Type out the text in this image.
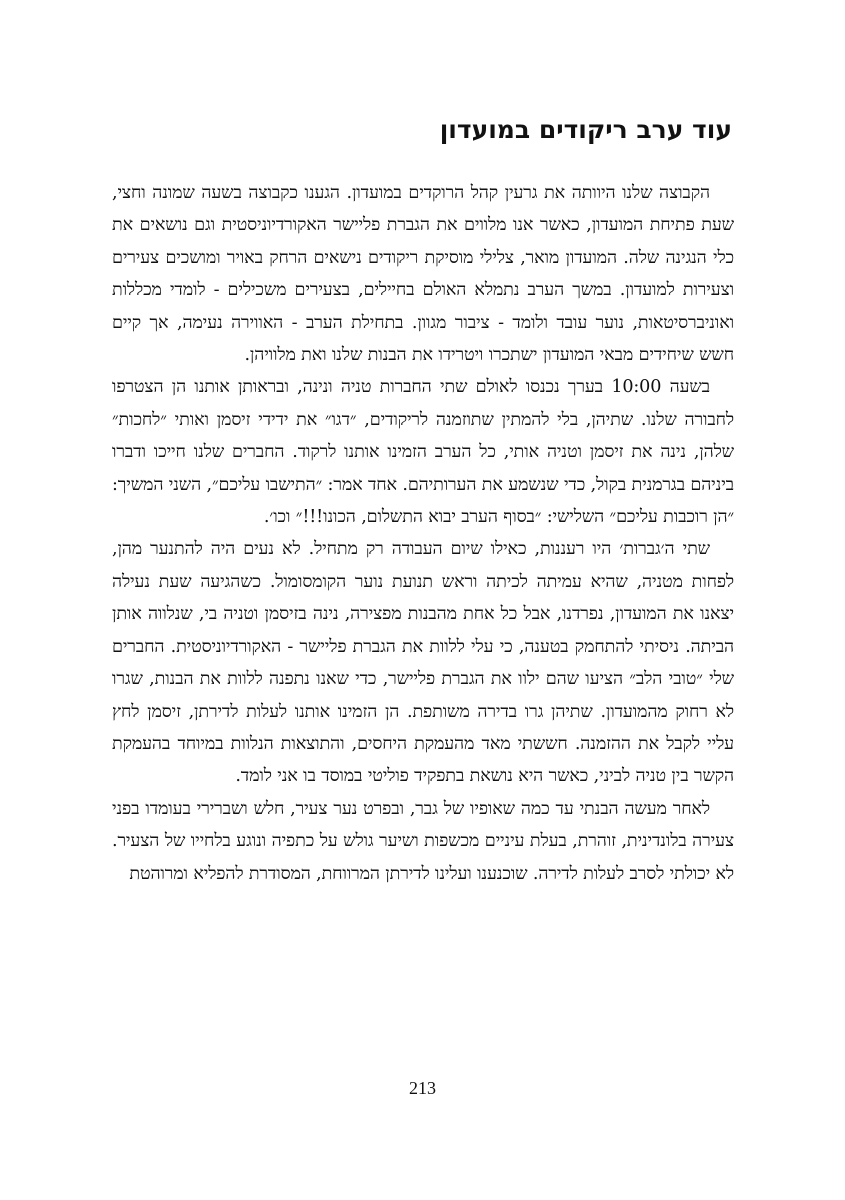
עוד ערב ריקודים במועדון

הקבוצה שלנו היוותה את גרעין קהל הרוקדים במועדון. הגענו כקבוצה בשעה שמונה וחצי, שעת פתיחת המועדון, כאשר אנו מלווים את הגברת פליישר האקורדיוניסטית וגם נושאים את כלי הנגינה שלה. המועדון מואר, צלילי מוסיקת ריקודים נישאים הרחק באויר ומושכים צעירים וצעירות למועדון. במשך הערב נתמלא האולם בחיילים, בצעירים משכילים - לומדי מכללות ואוניברסיטאות, נוער עובד ולומד - ציבור מגוון. בתחילת הערב - האווירה נעימה, אך קיים חשש שיחידים מבאי המועדון ישתכרו ויטרידו את הבנות שלנו ואת מלוויהן.

בשעה 10:00 בערך נכנסו לאולם שתי החברות טניה ונינה, ובראותן אותנו הן הצטרפו לחבורה שלנו. שתיהן, בלי להמתין שתוזמנה לריקודים, ״דגו״ את ידידי זיסמן ואותי ״לחכות״ שלהן, נינה את זיסמן וטניה אותי, כל הערב הזמינו אותנו לרקוד. החברים שלנו חייכו ודברו ביניהם בגרמנית בקול, כדי שנשמע את הערותיהם. אחד אמר: ״התישבו עליכם״, השני המשיך: ״הן רוכבות עליכם״ השלישי: ״בסוף הערב יבוא התשלום, הכונו!!!״ וכו׳.

שתי ה׳גברות׳ היו רעננות, כאילו שיום העבודה רק מתחיל. לא נעים היה להתנער מהן, לפחות מטניה, שהיא עמיתה לכיתה וראש תנועת נוער הקומסומול. כשהגיעה שעת נעילה יצאנו את המועדון, נפרדנו, אבל כל אחת מהבנות מפצירה, נינה בזיסמן וטניה בי, שנלווה אותן הביתה. ניסיתי להתחמק בטענה, כי עלי ללוות את הגברת פליישר - האקורדיוניסטית. החברים שלי ״טובי הלב״ הציעו שהם ילוו את הגברת פליישר, כדי שאנו נתפנה ללוות את הבנות, שגרו לא רחוק מהמועדון. שתיהן גרו בדירה משותפת. הן הזמינו אותנו לעלות לדירתן, זיסמן לחץ עליי לקבל את ההזמנה. חששתי מאד מהעמקת היחסים, והתוצאות הנלוות במיוחד בהעמקת הקשר בין טניה לביני, כאשר היא נושאת בתפקיד פוליטי במוסד בו אני לומד.

לאחר מעשה הבנתי עד כמה שאופיו של גבר, ובפרט נער צעיר, חלש ושברירי בעומדו בפני צעירה בלונדינית, זוהרת, בעלת עיניים מכשפות ושיער גולש על כתפיה ונוגע בלחייו של הצעיר. לא יכולתי לסרב לעלות לדירה. שוכנענו ועלינו לדירתן המרווחת, המסודרת להפליא ומרוהטת

213
